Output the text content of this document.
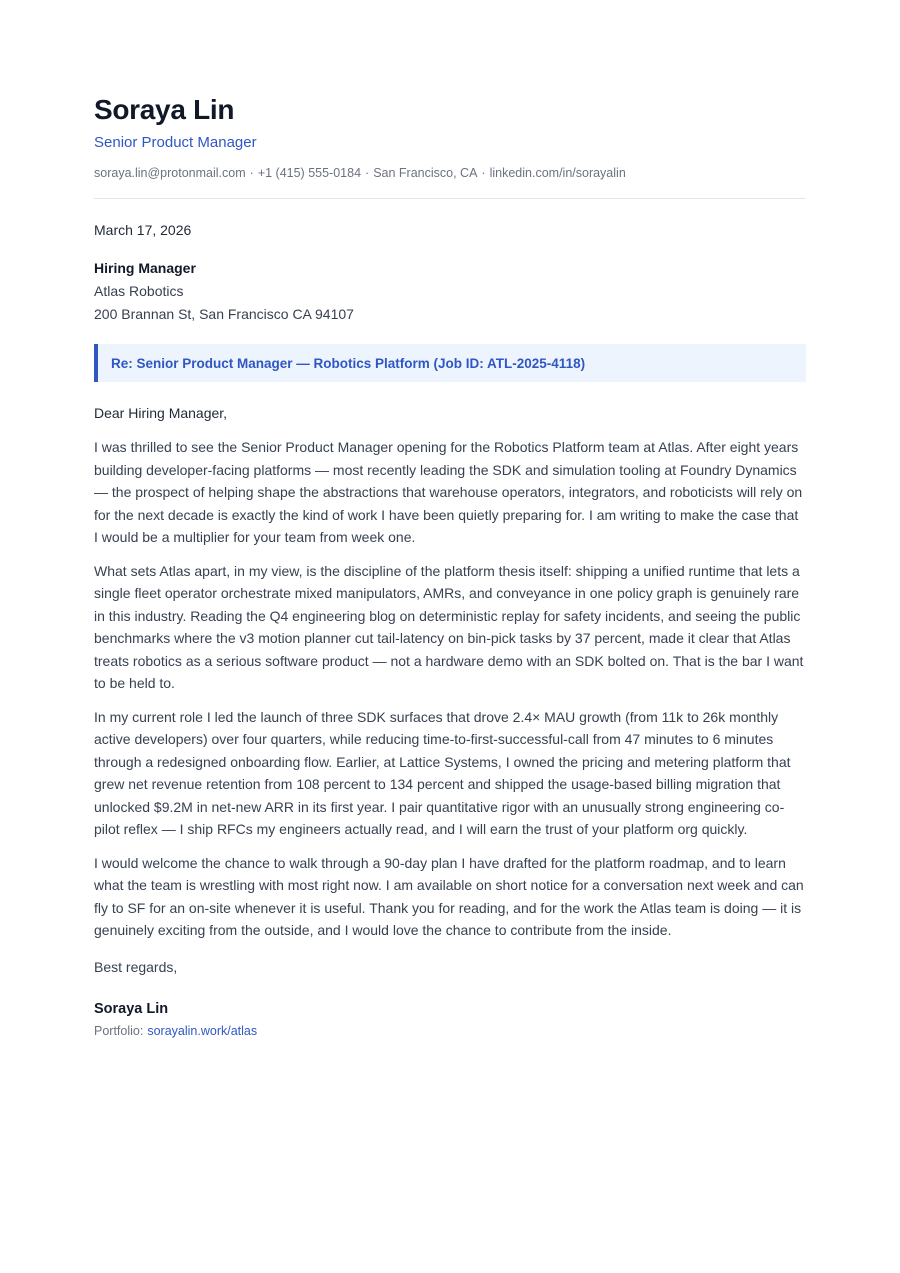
Soraya Lin
Senior Product Manager
soraya.lin@protonmail.com · +1 (415) 555-0184 · San Francisco, CA · linkedin.com/in/sorayalin
March 17, 2026
Hiring Manager
Atlas Robotics
200 Brannan St, San Francisco CA 94107
Re: Senior Product Manager — Robotics Platform (Job ID: ATL-2025-4118)
Dear Hiring Manager,

I was thrilled to see the Senior Product Manager opening for the Robotics Platform team at Atlas. After eight years building developer-facing platforms — most recently leading the SDK and simulation tooling at Foundry Dynamics — the prospect of helping shape the abstractions that warehouse operators, integrators, and roboticists will rely on for the next decade is exactly the kind of work I have been quietly preparing for. I am writing to make the case that I would be a multiplier for your team from week one.

What sets Atlas apart, in my view, is the discipline of the platform thesis itself: shipping a unified runtime that lets a single fleet operator orchestrate mixed manipulators, AMRs, and conveyance in one policy graph is genuinely rare in this industry. Reading the Q4 engineering blog on deterministic replay for safety incidents, and seeing the public benchmarks where the v3 motion planner cut tail-latency on bin-pick tasks by 37 percent, made it clear that Atlas treats robotics as a serious software product — not a hardware demo with an SDK bolted on. That is the bar I want to be held to.

In my current role I led the launch of three SDK surfaces that drove 2.4× MAU growth (from 11k to 26k monthly active developers) over four quarters, while reducing time-to-first-successful-call from 47 minutes to 6 minutes through a redesigned onboarding flow. Earlier, at Lattice Systems, I owned the pricing and metering platform that grew net revenue retention from 108 percent to 134 percent and shipped the usage-based billing migration that unlocked $9.2M in net-new ARR in its first year. I pair quantitative rigor with an unusually strong engineering co-pilot reflex — I ship RFCs my engineers actually read, and I will earn the trust of your platform org quickly.

I would welcome the chance to walk through a 90-day plan I have drafted for the platform roadmap, and to learn what the team is wrestling with most right now. I am available on short notice for a conversation next week and can fly to SF for an on-site whenever it is useful. Thank you for reading, and for the work the Atlas team is doing — it is genuinely exciting from the outside, and I would love the chance to contribute from the inside.

Best regards,
Soraya Lin
Portfolio: sorayalin.work/atlas
